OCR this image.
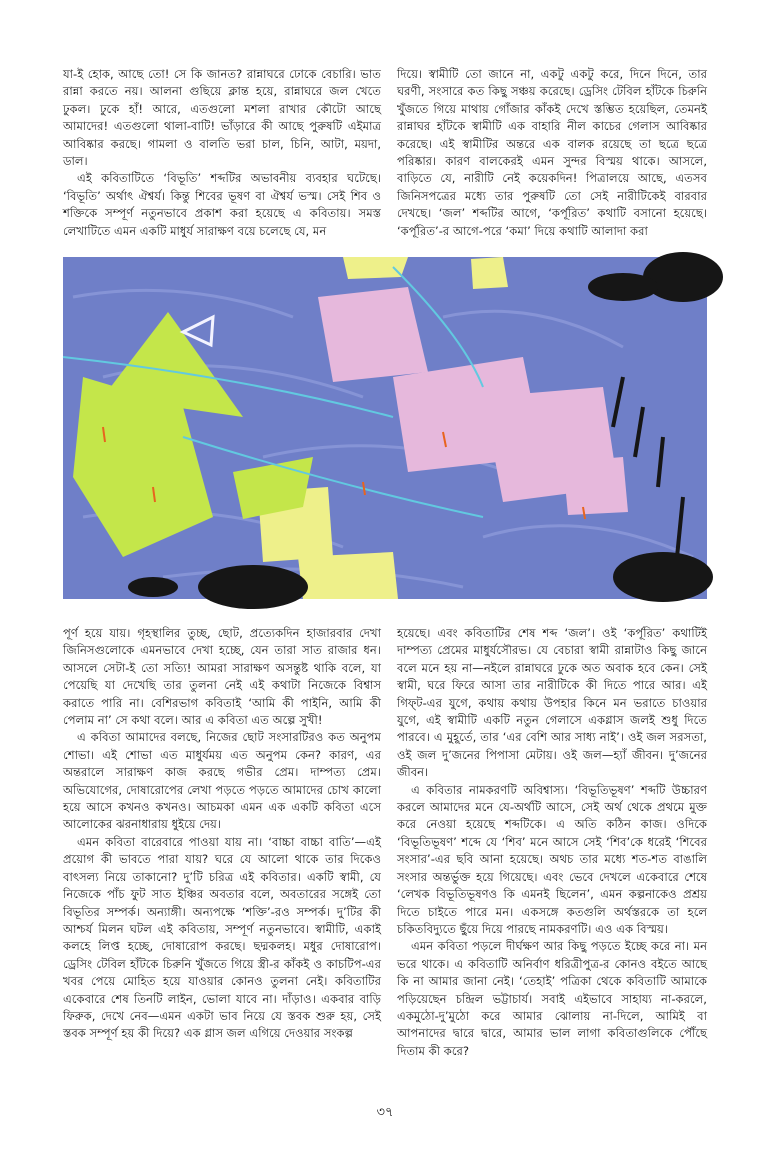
যা-ই হোক, আছে তো! সে কি জানত? রান্নাঘরে ঢোকে বেচারি। ভাত রান্না করতে নয়। আলনা গুছিয়ে ক্লান্ত হয়ে, রান্নাঘরে জল খেতে ঢুকল। ঢুকে হাঁ! আরে, এতগুলো মশলা রাখার কৌটো আছে আমাদের! এতগুলো থালা-বাটি! ভাঁড়ারে কী আছে পুরুষটি এইমাত্র আবিষ্কার করছে। গামলা ও বালতি ভরা চাল, চিনি, আটা, ময়দা, ডাল।

এই কবিতাটিতে ‘বিভূতি’ শব্দটির অভাবনীয় ব্যবহার ঘটেছে। ‘বিভূতি’ অর্থাৎ ঐশ্বর্য। কিন্তু শিবের ভূষণ বা ঐশ্বর্য ভস্ম। সেই শিব ও শক্তিকে সম্পূর্ণ নতুনভাবে প্রকাশ করা হয়েছে এ কবিতায়। সমস্ত লেখাটিতে এমন একটি মাধুর্য সারাক্ষণ বয়ে চলেছে যে, মন

দিয়ে। স্বামীটি তো জানে না, একটু একটু করে, দিনে দিনে, তার ঘরণী, সংসারে কত কিছু সঞ্চয় করেছে। ড্রেসিং টেবিল হাঁটকে চিরুনি খুঁজতে গিয়ে মাথায় গোঁজার কাঁকই দেখে স্তম্ভিত হয়েছিল, তেমনই রান্নাঘর হাঁটকে স্বামীটি এক বাহারি নীল কাচের গেলাস আবিষ্কার করেছে। এই স্বামীটির অন্তরে এক বালক রয়েছে তা ছত্রে ছত্রে পরিষ্কার। কারণ বালকেরই এমন সুন্দর বিস্ময় থাকে। আসলে, বাড়িতে যে, নারীটি নেই কয়েকদিন! পিত্রালয়ে আছে, এতসব জিনিসপত্রের মধ্যে তার পুরুষটি তো সেই নারীটিকেই বারবার দেখছে। ‘জল’ শব্দটির আগে, ‘কর্পূরিত’ কথাটি বসানো হয়েছে। ‘কর্পূরিত’-র আগে-পরে ‘কমা’ দিয়ে কথাটি আলাদা করা

পূর্ণ হয়ে যায়। গৃহস্থালির তুচ্ছ, ছোট, প্রত্যেকদিন হাজারবার দেখা জিনিসগুলোকে এমনভাবে দেখা হচ্ছে, যেন তারা সাত রাজার ধন। আসলে সেটা-ই তো সত্যি! আমরা সারাক্ষণ অসন্তুষ্ট থাকি বলে, যা পেয়েছি যা দেখেছি তার তুলনা নেই এই কথাটা নিজেকে বিশ্বাস করাতে পারি না। বেশিরভাগ কবিতাই ‘আমি কী পাইনি, আমি কী পেলাম না’ সে কথা বলে। আর এ কবিতা এত অল্পে সুখী!

এ কবিতা আমাদের বলছে, নিজের ছোট সংসারটিরও কত অনুপম শোভা। এই শোভা এত মাধুর্যময় এত অনুপম কেন? কারণ, এর অন্তরালে সারাক্ষণ কাজ করছে গভীর প্রেম। দাম্পত্য প্রেম। অভিযোগের, দোষারোপের লেখা পড়তে পড়তে আমাদের চোখ কালো হয়ে আসে কখনও কখনও। আচমকা এমন এক একটি কবিতা এসে আলোকের ঝরনাধারায় ধুইয়ে দেয়।

এমন কবিতা বারেবারে পাওয়া যায় না। ‘বাচ্চা বাচ্চা বাতি’—এই প্রয়োগ কী ভাবতে পারা যায়? ঘরে যে আলো থাকে তার দিকেও বাৎসল্য নিয়ে তাকানো? দু’টি চরিত্র এই কবিতার। একটি স্বামী, যে নিজেকে পাঁচ ফুট সাত ইঞ্চির অবতার বলে, অবতারের সঙ্গেই তো বিভূতির সম্পর্ক। অন্যাঙ্গী। অন্যপক্ষে ‘শক্তি’-রও সম্পর্ক। দু’টির কী আশ্চর্য মিলন ঘটল এই কবিতায়, সম্পূর্ণ নতুনভাবে। স্বামীটি, একাই কলহে লিপ্ত হচ্ছে, দোষারোপ করছে। ছদ্মকলহ। মধুর দোষারোপ। ড্রেসিং টেবিল হাঁটকে চিরুনি খুঁজতে গিয়ে স্ত্রী-র কাঁকই ও কাচটিপ-এর খবর পেয়ে মোহিত হয়ে যাওয়ার কোনও তুলনা নেই। কবিতাটির একেবারে শেষ তিনটি লাইন, ভোলা যাবে না। দাঁড়াও। একবার বাড়ি ফিরুক, দেখে নেব—এমন একটা ভাব নিয়ে যে স্তবক শুরু হয়, সেই স্তবক সম্পূর্ণ হয় কী দিয়ে? এক গ্লাস জল এগিয়ে দেওয়ার সংকল্প

হয়েছে। এবং কবিতাটির শেষ শব্দ ‘জল’। ওই ‘কর্পূরিত’ কথাটিই দাম্পত্য প্রেমের মাধুর্যসৌরভ। যে বেচারা স্বামী রান্নাটাও কিছু জানে বলে মনে হয় না—নইলে রান্নাঘরে ঢুকে অত অবাক হবে কেন। সেই স্বামী, ঘরে ফিরে আসা তার নারীটিকে কী দিতে পারে আর। এই গিফ্‌ট-এর যুগে, কথায় কথায় উপহার কিনে মন ভরাতে চাওয়ার যুগে, এই স্বামীটি একটি নতুন গেলাসে একগ্লাস জলই শুধু দিতে পারবে। এ মুহূর্তে, তার ‘এর বেশি আর সাধ্য নাই’। ওই জল সরসতা, ওই জল দু’জনের পিপাসা মেটায়। ওই জল—হ্যাঁ জীবন। দু’জনের জীবন।

এ কবিতার নামকরণটি অবিশ্বাস্য। ‘বিভূতিভূষণ’ শব্দটি উচ্চারণ করলে আমাদের মনে যে-অর্থটি আসে, সেই অর্থ থেকে প্রথমে মুক্ত করে নেওয়া হয়েছে শব্দটিকে। এ অতি কঠিন কাজ। ওদিকে ‘বিভূতিভূষণ’ শব্দে যে ‘শিব’ মনে আসে সেই ‘শিব’কে ধরেই ‘শিবের সংসার’-এর ছবি আনা হয়েছে। অথচ তার মধ্যে শত-শত বাঙালি সংসার অন্তর্ভুক্ত হয়ে গিয়েছে। এবং ভেবে দেখলে একেবারে শেষে ‘লেখক বিভূতিভূষণও কি এমনই ছিলেন’, এমন কল্পনাকেও প্রশ্রয় দিতে চাইতে পারে মন। একসঙ্গে কতগুলি অর্থস্তরকে তা হলে চকিতবিদ্যুতে ছুঁয়ে দিয়ে পারছে নামকরণটি। এও এক বিস্ময়।

এমন কবিতা পড়লে দীর্ঘক্ষণ আর কিছু পড়তে ইচ্ছে করে না। মন ভরে থাকে। এ কবিতাটি অনির্বাণ ধরিত্রীপুত্র-র কোনও বইতে আছে কি না আমার জানা নেই। ‘তেহাই’ পত্রিকা থেকে কবিতাটি আমাকে পড়িয়েছেন চন্দ্রিল ভট্টাচার্য। সবাই এইভাবে সাহায্য না-করলে, একমুঠো-দু’মুঠো করে আমার ঝোলায় না-দিলে, আমিই বা আপনাদের দ্বারে দ্বারে, আমার ভাল লাগা কবিতাগুলিকে পৌঁছে দিতাম কী করে?

৩৭
